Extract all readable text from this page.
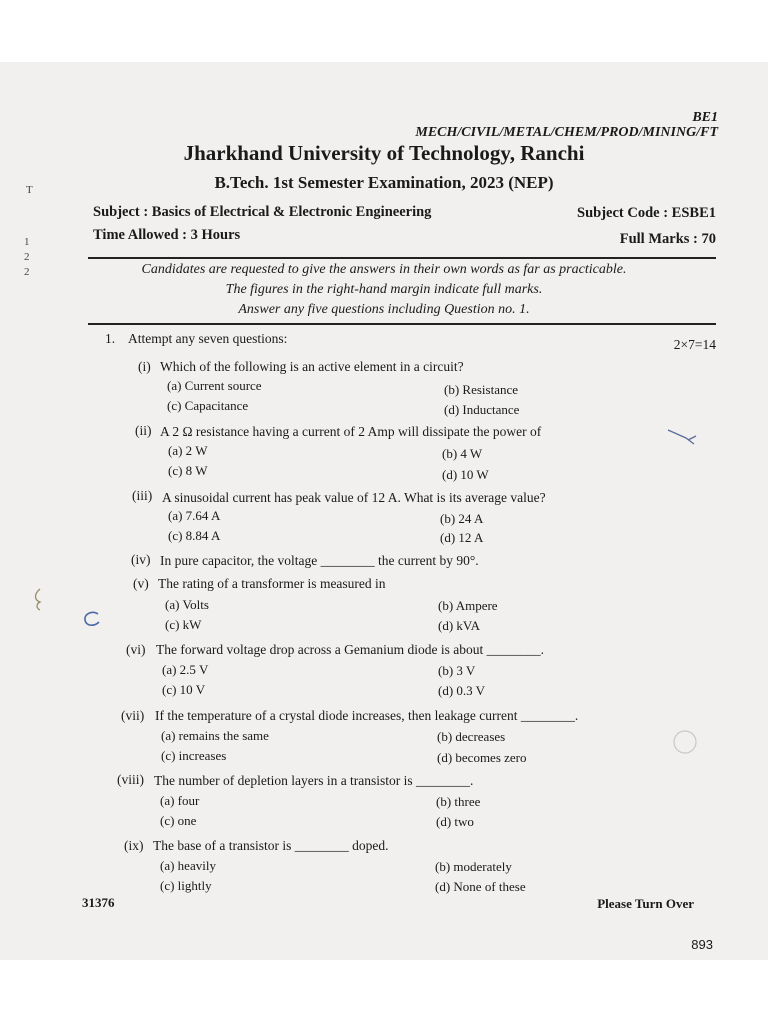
T
1
2
2
BE1
MECH/CIVIL/METAL/CHEM/PROD/MINING/FT
Jharkhand University of Technology, Ranchi
B.Tech. 1st Semester Examination, 2023 (NEP)
Subject : Basics of Electrical & Electronic Engineering	Subject Code : ESBE1
Time Allowed : 3 Hours	Full Marks : 70
Candidates are requested to give the answers in their own words as far as practicable.
The figures in the right-hand margin indicate full marks.
Answer any five questions including Question no. 1.
1. Attempt any seven questions:	2×7=14
(i) Which of the following is an active element in a circuit?
(a) Current source	(b) Resistance
(c) Capacitance	(d) Inductance
(ii) A 2 Ω resistance having a current of 2 Amp will dissipate the power of
(a) 2 W	(b) 4 W
(c) 8 W	(d) 10 W
(iii) A sinusoidal current has peak value of 12 A. What is its average value?
(a) 7.64 A	(b) 24 A
(c) 8.84 A	(d) 12 A
(iv) In pure capacitor, the voltage ________ the current by 90°.
(v) The rating of a transformer is measured in
(a) Volts	(b) Ampere
(c) kW	(d) kVA
(vi) The forward voltage drop across a Gemanium diode is about ________.
(a) 2.5 V	(b) 3 V
(c) 10 V	(d) 0.3 V
(vii) If the temperature of a crystal diode increases, then leakage current ________.
(a) remains the same	(b) decreases
(c) increases	(d) becomes zero
(viii) The number of depletion layers in a transistor is ________.
(a) four	(b) three
(c) one	(d) two
(ix) The base of a transistor is ________ doped.
(a) heavily	(b) moderately
(c) lightly	(d) None of these
31376	Please Turn Over
893
